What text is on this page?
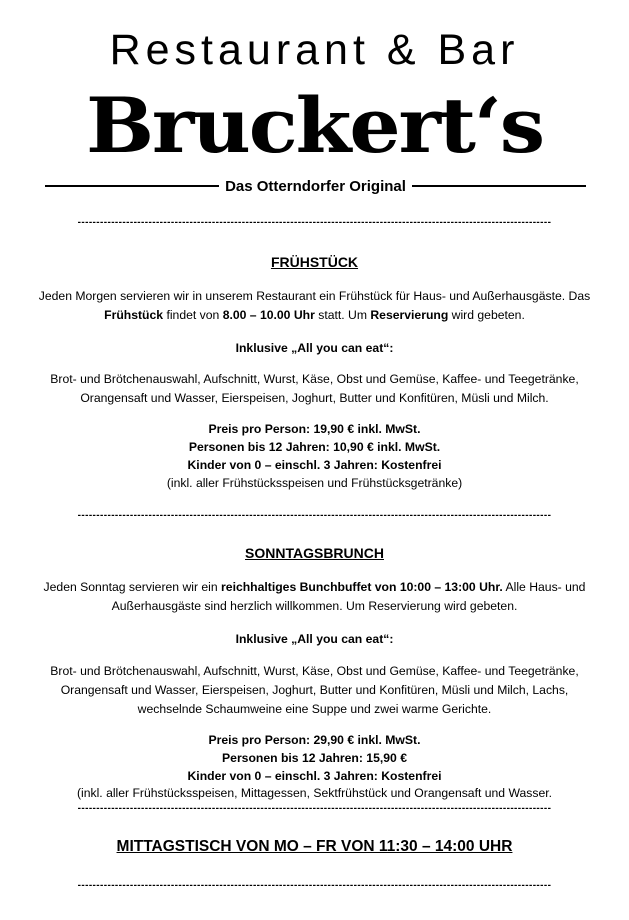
Restaurant & Bar
Bruckert‘s
Das Otterndorfer Original
-------------------------------------------------------------------------------------------------------------------------------
FRÜHSTÜCK
Jeden Morgen servieren wir in unserem Restaurant ein Frühstück für Haus- und Außerhausgäste. Das
Frühstück findet von 8.00 – 10.00 Uhr statt. Um Reservierung wird gebeten.
Inklusive „All you can eat“:
Brot- und Brötchenauswahl, Aufschnitt, Wurst, Käse, Obst und Gemüse, Kaffee- und Teegetränke,
Orangensaft und Wasser, Eierspeisen, Joghurt, Butter und Konfitüren, Müsli und Milch.
Preis pro Person: 19,90 € inkl. MwSt.
Personen bis 12 Jahren: 10,90 € inkl. MwSt.
Kinder von 0 – einschl. 3 Jahren: Kostenfrei
(inkl. aller Frühstücksspeisen und Frühstücksgetränke)
-------------------------------------------------------------------------------------------------------------------------------
SONNTAGSBRUNCH
Jeden Sonntag servieren wir ein reichhaltiges Bunchbuffet von 10:00 – 13:00 Uhr. Alle Haus- und
Außerhausgäste sind herzlich willkommen. Um Reservierung wird gebeten.
Inklusive „All you can eat“:
Brot- und Brötchenauswahl, Aufschnitt, Wurst, Käse, Obst und Gemüse, Kaffee- und Teegetränke,
Orangensaft und Wasser, Eierspeisen, Joghurt, Butter und Konfitüren, Müsli und Milch, Lachs,
wechselnde Schaumweine eine Suppe und zwei warme Gerichte.
Preis pro Person: 29,90 € inkl. MwSt.
Personen bis 12 Jahren: 15,90 €
Kinder von 0 – einschl. 3 Jahren: Kostenfrei
(inkl. aller Frühstücksspeisen, Mittagessen, Sektfrühstück und Orangensaft und Wasser.
-------------------------------------------------------------------------------------------------------------------------------
MITTAGSTISCH VON MO – FR VON 11:30 – 14:00 UHR
-------------------------------------------------------------------------------------------------------------------------------
